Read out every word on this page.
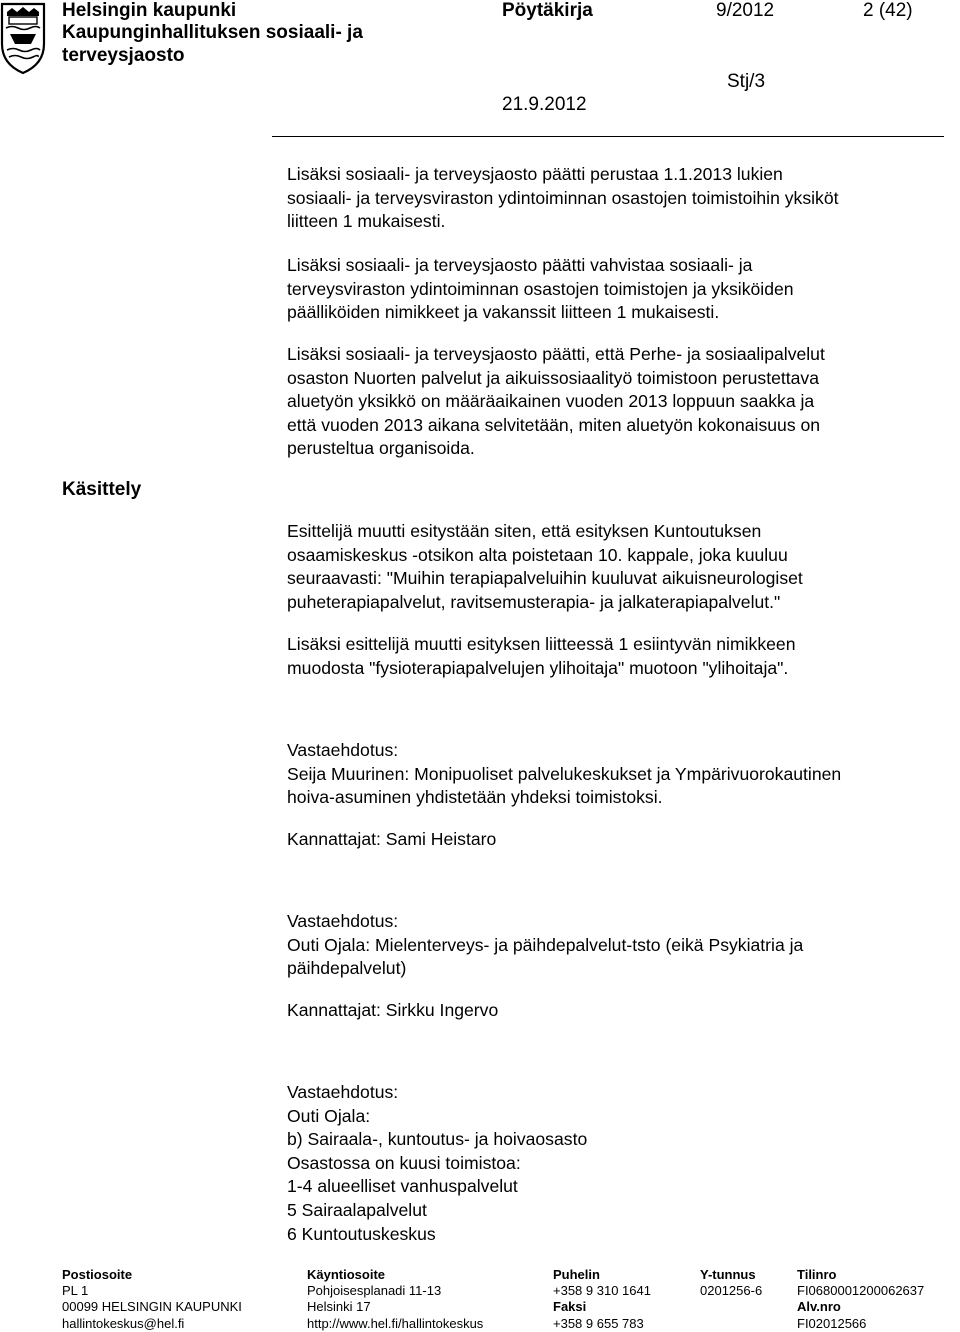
Helsingin kaupunki
Kaupunginhallituksen sosiaali- ja
terveysjaosto
Pöytäkirja	9/2012	2 (42)
Stj/3
21.9.2012
Käsittely
Lisäksi sosiaali- ja terveysjaosto päätti perustaa 1.1.2013 lukien
sosiaali- ja terveysviraston ydintoiminnan osastojen toimistoihin yksiköt
liitteen 1 mukaisesti.
Lisäksi sosiaali- ja terveysjaosto päätti vahvistaa sosiaali- ja
terveysviraston ydintoiminnan osastojen toimistojen ja yksiköiden
päälliköiden nimikkeet ja vakanssit liitteen 1 mukaisesti.
Lisäksi sosiaali- ja terveysjaosto päätti, että Perhe- ja sosiaalipalvelut
osaston Nuorten palvelut ja aikuissosiaalityö toimistoon perustettava
aluetyön yksikkö on määräaikainen vuoden 2013 loppuun saakka ja
että vuoden 2013 aikana selvitetään, miten aluetyön kokonaisuus on
perusteltua organisoida.
Esittelijä muutti esitystään siten, että esityksen Kuntoutuksen
osaamiskeskus -otsikon alta poistetaan 10. kappale, joka kuuluu
seuraavasti: "Muihin terapiapalveluihin kuuluvat aikuisneurologiset
puheterapiapalvelut, ravitsemusterapia- ja jalkaterapiapalvelut."
Lisäksi esittelijä muutti esityksen liitteessä 1 esiintyvän nimikkeen
muodosta "fysioterapiapalvelujen ylihoitaja" muotoon "ylihoitaja".
Vastaehdotus:
Seija Muurinen: Monipuoliset palvelukeskukset ja Ympärivuorokautinen
hoiva-asuminen yhdistetään yhdeksi toimistoksi.
Kannattajat: Sami Heistaro
Vastaehdotus:
Outi Ojala: Mielenterveys- ja päihdepalvelut-tsto (eikä Psykiatria ja
päihdepalvelut)
Kannattajat: Sirkku Ingervo
Vastaehdotus:
Outi Ojala:
b) Sairaala-, kuntoutus- ja hoivaosasto
Osastossa on kuusi toimistoa:
1-4 alueelliset vanhuspalvelut
5 Sairaalapalvelut
6 Kuntoutuskeskus
Postiosoite
PL 1
00099 HELSINGIN KAUPUNKI
hallintokeskus@hel.fi
Käyntiosoite
Pohjoisesplanadi 11-13
Helsinki 17
http://www.hel.fi/hallintokeskus
Puhelin
+358 9 310 1641
Faksi
+358 9 655 783
Y-tunnus
0201256-6
Tilinro
FI0680001200062637
Alv.nro
FI02012566
